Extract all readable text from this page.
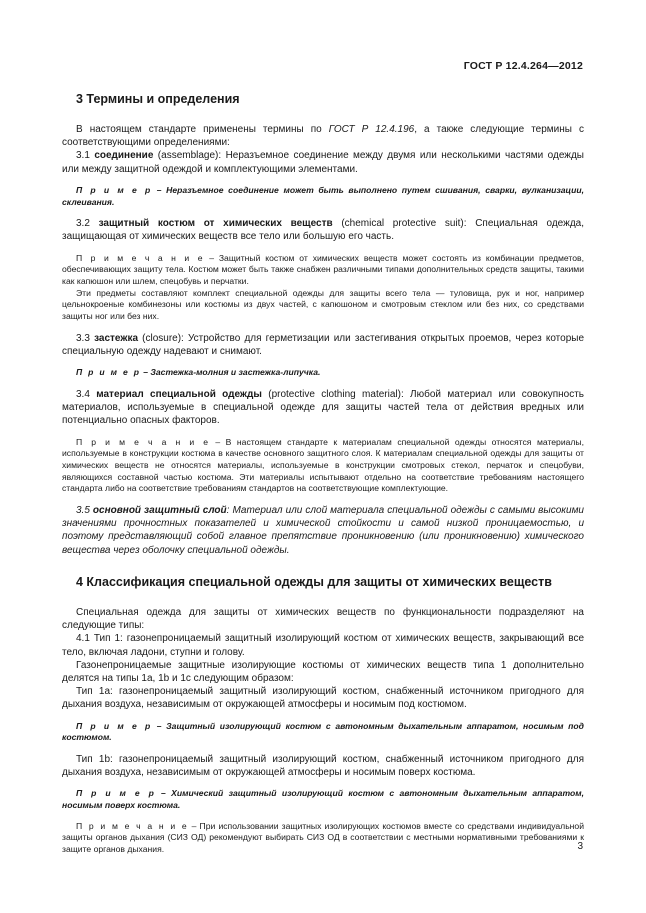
ГОСТ Р 12.4.264—2012
3 Термины и определения

В настоящем стандарте применены термины по ГОСТ Р 12.4.196, а также следующие термины с соответствующими определениями:

3.1 соединение (assemblage): Неразъемное соединение между двумя или несколькими частями одежды или между защитной одеждой и комплектующими элементами.

П р и м е р – Неразъемное соединение может быть выполнено путем сшивания, сварки, вулканизации, склеивания.

3.2 защитный костюм от химических веществ (chemical protective suit): Специальная одежда, защищающая от химических веществ все тело или большую его часть.

П р и м е ч а н и е – Защитный костюм от химических веществ может состоять из комбинации предметов, обеспечивающих защиту тела. Костюм может быть также снабжен различными типами дополнительных средств защиты, такими как капюшон или шлем, спецобувь и перчатки.

Эти предметы составляют комплект специальной одежды для защиты всего тела — туловища, рук и ног, например цельнокроеные комбинезоны или костюмы из двух частей, с капюшоном и смотровым стеклом или без них, со средствами защиты ног или без них.

3.3 застежка (closure): Устройство для герметизации или застегивания открытых проемов, через которые специальную одежду надевают и снимают.

П р и м е р – Застежка-молния и застежка-липучка.

3.4 материал специальной одежды (protective clothing material): Любой материал или совокупность материалов, используемые в специальной одежде для защиты частей тела от действия вредных или потенциально опасных факторов.

П р и м е ч а н и е – В настоящем стандарте к материалам специальной одежды относятся материалы, используемые в конструкции костюма в качестве основного защитного слоя. К материалам специальной одежды для защиты от химических веществ не относятся материалы, используемые в конструкции смотровых стекол, перчаток и спецобуви, являющихся составной частью костюма. Эти материалы испытывают отдельно на соответствие требованиям настоящего стандарта либо на соответствие требованиям стандартов на соответствующие комплектующие.

3.5 основной защитный слой: Материал или слой материала специальной одежды с самыми высокими значениями прочностных показателей и химической стойкости и самой низкой проницаемостью, и поэтому представляющий собой главное препятствие проникновению (или проникновению) химического вещества через оболочку специальной одежды.

4 Классификация специальной одежды для защиты от химических веществ

Специальная одежда для защиты от химических веществ по функциональности подразделяют на следующие типы:

4.1 Тип 1: газонепроницаемый защитный изолирующий костюм от химических веществ, закрывающий все тело, включая ладони, ступни и голову.

Газонепроницаемые защитные изолирующие костюмы от химических веществ типа 1 дополнительно делятся на типы 1a, 1b и 1c следующим образом:

Тип 1a: газонепроницаемый защитный изолирующий костюм, снабженный источником пригодного для дыхания воздуха, независимым от окружающей атмосферы и носимым под костюмом.

П р и м е р – Защитный изолирующий костюм с автономным дыхательным аппаратом, носимым под костюмом.

Тип 1b: газонепроницаемый защитный изолирующий костюм, снабженный источником пригодного для дыхания воздуха, независимым от окружающей атмосферы и носимым поверх костюма.

П р и м е р – Химический защитный изолирующий костюм с автономным дыхательным аппаратом, носимым поверх костюма.

П р и м е ч а н и е – При использовании защитных изолирующих костюмов вместе со средствами индивидуальной защиты органов дыхания (СИЗ ОД) рекомендуют выбирать СИЗ ОД в соответствии с местными нормативными требованиями к защите органов дыхания.	3
